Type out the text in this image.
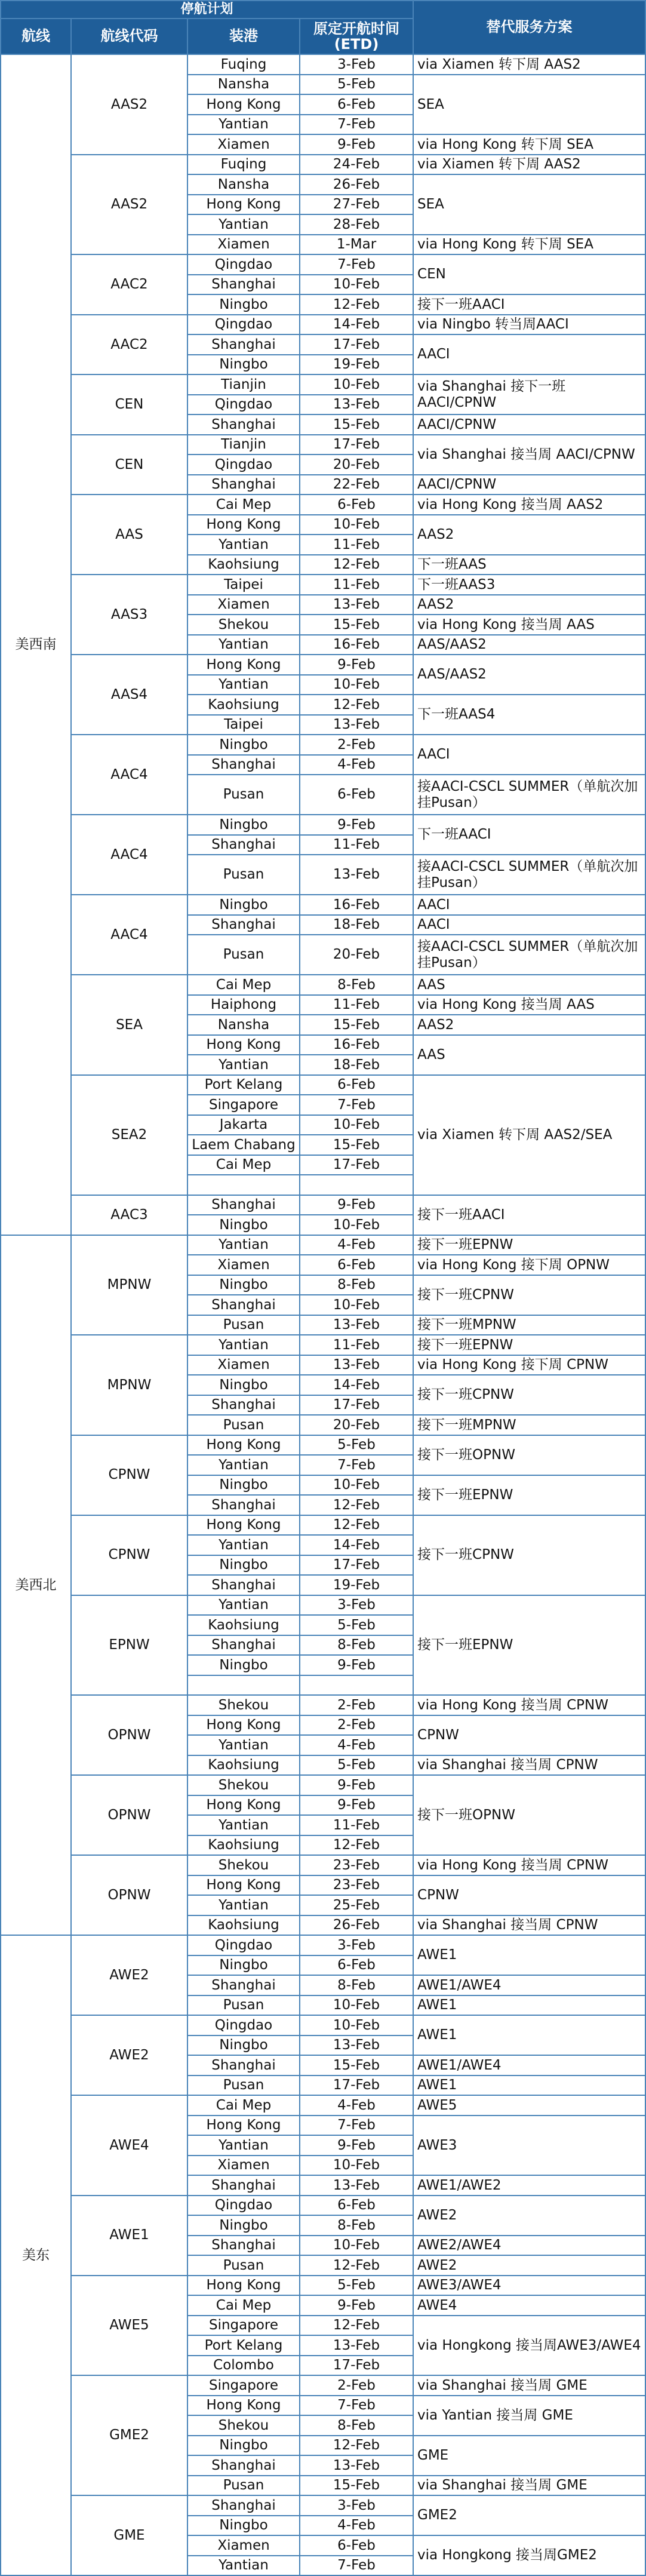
停航计划				替代服务方案
航线	航线代码	装港	原定开航时间
(ETD)	

美西南	AAS2	Fuqing	3-Feb	via Xiamen 转下周 AAS2
		Nansha	5-Feb	SEA
		Hong Kong	6-Feb	
		Yantian	7-Feb	
		Xiamen	9-Feb	via Hong Kong 转下周 SEA
	AAS2	Fuqing	24-Feb	via Xiamen 转下周 AAS2
		Nansha	26-Feb	SEA
		Hong Kong	27-Feb	
		Yantian	28-Feb	
		Xiamen	1-Mar	via Hong Kong 转下周 SEA
	AAC2	Qingdao	7-Feb	CEN
		Shanghai	10-Feb	
		Ningbo	12-Feb	接下一班AACI
	AAC2	Qingdao	14-Feb	via Ningbo 转当周AACI
		Shanghai	17-Feb	AACI
		Ningbo	19-Feb	
	CEN	Tianjin	10-Feb	via Shanghai 接下一班 AACI/CPNW
		Qingdao	13-Feb	
		Shanghai	15-Feb	AACI/CPNW
	CEN	Tianjin	17-Feb	via Shanghai 接当周 AACI/CPNW
		Qingdao	20-Feb	
		Shanghai	22-Feb	AACI/CPNW
	AAS	Cai Mep	6-Feb	via Hong Kong 接当周 AAS2
		Hong Kong	10-Feb	AAS2
		Yantian	11-Feb	
		Kaohsiung	12-Feb	下一班AAS
	AAS3	Taipei	11-Feb	下一班AAS3
		Xiamen	13-Feb	AAS2
		Shekou	15-Feb	via Hong Kong 接当周 AAS
		Yantian	16-Feb	AAS/AAS2
	AAS4	Hong Kong	9-Feb	AAS/AAS2
		Yantian	10-Feb	
		Kaohsiung	12-Feb	下一班AAS4
		Taipei	13-Feb	
	AAC4	Ningbo	2-Feb	AACI
		Shanghai	4-Feb	
		Pusan	6-Feb	接AACI-CSCL SUMMER（单航次加挂Pusan）
	AAC4	Ningbo	9-Feb	下一班AACI
		Shanghai	11-Feb	
		Pusan	13-Feb	接AACI-CSCL SUMMER（单航次加挂Pusan）
	AAC4	Ningbo	16-Feb	AACI
		Shanghai	18-Feb	AACI
		Pusan	20-Feb	接AACI-CSCL SUMMER（单航次加挂Pusan）
	SEA	Cai Mep	8-Feb	AAS
		Haiphong	11-Feb	via Hong Kong 接当周 AAS
		Nansha	15-Feb	AAS2
		Hong Kong	16-Feb	AAS
		Yantian	18-Feb	
	SEA2	Port Kelang	6-Feb	via Xiamen 转下周 AAS2/SEA
		Singapore	7-Feb	
		Jakarta	10-Feb	
		Laem Chabang	15-Feb	
		Cai Mep	17-Feb	

	AAC3	Shanghai	9-Feb	接下一班AACI
		Ningbo	10-Feb	
美西北	MPNW	Yantian	4-Feb	接下一班EPNW
		Xiamen	6-Feb	via Hong Kong 接下周 OPNW
		Ningbo	8-Feb	接下一班CPNW
		Shanghai	10-Feb	
		Pusan	13-Feb	接下一班MPNW
	MPNW	Yantian	11-Feb	接下一班EPNW
		Xiamen	13-Feb	via Hong Kong 接下周 CPNW
		Ningbo	14-Feb	接下一班CPNW
		Shanghai	17-Feb	
		Pusan	20-Feb	接下一班MPNW
	CPNW	Hong Kong	5-Feb	接下一班OPNW
		Yantian	7-Feb	
		Ningbo	10-Feb	接下一班EPNW
		Shanghai	12-Feb	
	CPNW	Hong Kong	12-Feb	接下一班CPNW
		Yantian	14-Feb	
		Ningbo	17-Feb	
		Shanghai	19-Feb	
	EPNW	Yantian	3-Feb	接下一班EPNW
		Kaohsiung	5-Feb	
		Shanghai	8-Feb	
		Ningbo	9-Feb	

	OPNW	Shekou	2-Feb	via Hong Kong 接当周 CPNW
		Hong Kong	2-Feb	CPNW
		Yantian	4-Feb	
		Kaohsiung	5-Feb	via Shanghai 接当周 CPNW
	OPNW	Shekou	9-Feb	接下一班OPNW
		Hong Kong	9-Feb	
		Yantian	11-Feb	
		Kaohsiung	12-Feb	
	OPNW	Shekou	23-Feb	via Hong Kong 接当周 CPNW
		Hong Kong	23-Feb	CPNW
		Yantian	25-Feb	
		Kaohsiung	26-Feb	via Shanghai 接当周 CPNW
美东	AWE2	Qingdao	3-Feb	AWE1
		Ningbo	6-Feb	
		Shanghai	8-Feb	AWE1/AWE4
		Pusan	10-Feb	AWE1
	AWE2	Qingdao	10-Feb	AWE1
		Ningbo	13-Feb	
		Shanghai	15-Feb	AWE1/AWE4
		Pusan	17-Feb	AWE1
	AWE4	Cai Mep	4-Feb	AWE5
		Hong Kong	7-Feb	AWE3
		Yantian	9-Feb	
		Xiamen	10-Feb	
		Shanghai	13-Feb	AWE1/AWE2
	AWE1	Qingdao	6-Feb	AWE2
		Ningbo	8-Feb	
		Shanghai	10-Feb	AWE2/AWE4
		Pusan	12-Feb	AWE2
	AWE5	Hong Kong	5-Feb	AWE3/AWE4
		Cai Mep	9-Feb	AWE4
		Singapore	12-Feb	via Hongkong 接当周AWE3/AWE4
		Port Kelang	13-Feb	
		Colombo	17-Feb	
	GME2	Singapore	2-Feb	via Shanghai 接当周 GME
		Hong Kong	7-Feb	via Yantian 接当周 GME
		Shekou	8-Feb	
		Ningbo	12-Feb	GME
		Shanghai	13-Feb	
		Pusan	15-Feb	via Shanghai 接当周 GME
	GME	Shanghai	3-Feb	GME2
		Ningbo	4-Feb	
		Xiamen	6-Feb	via Hongkong 接当周GME2
		Yantian	7-Feb	
